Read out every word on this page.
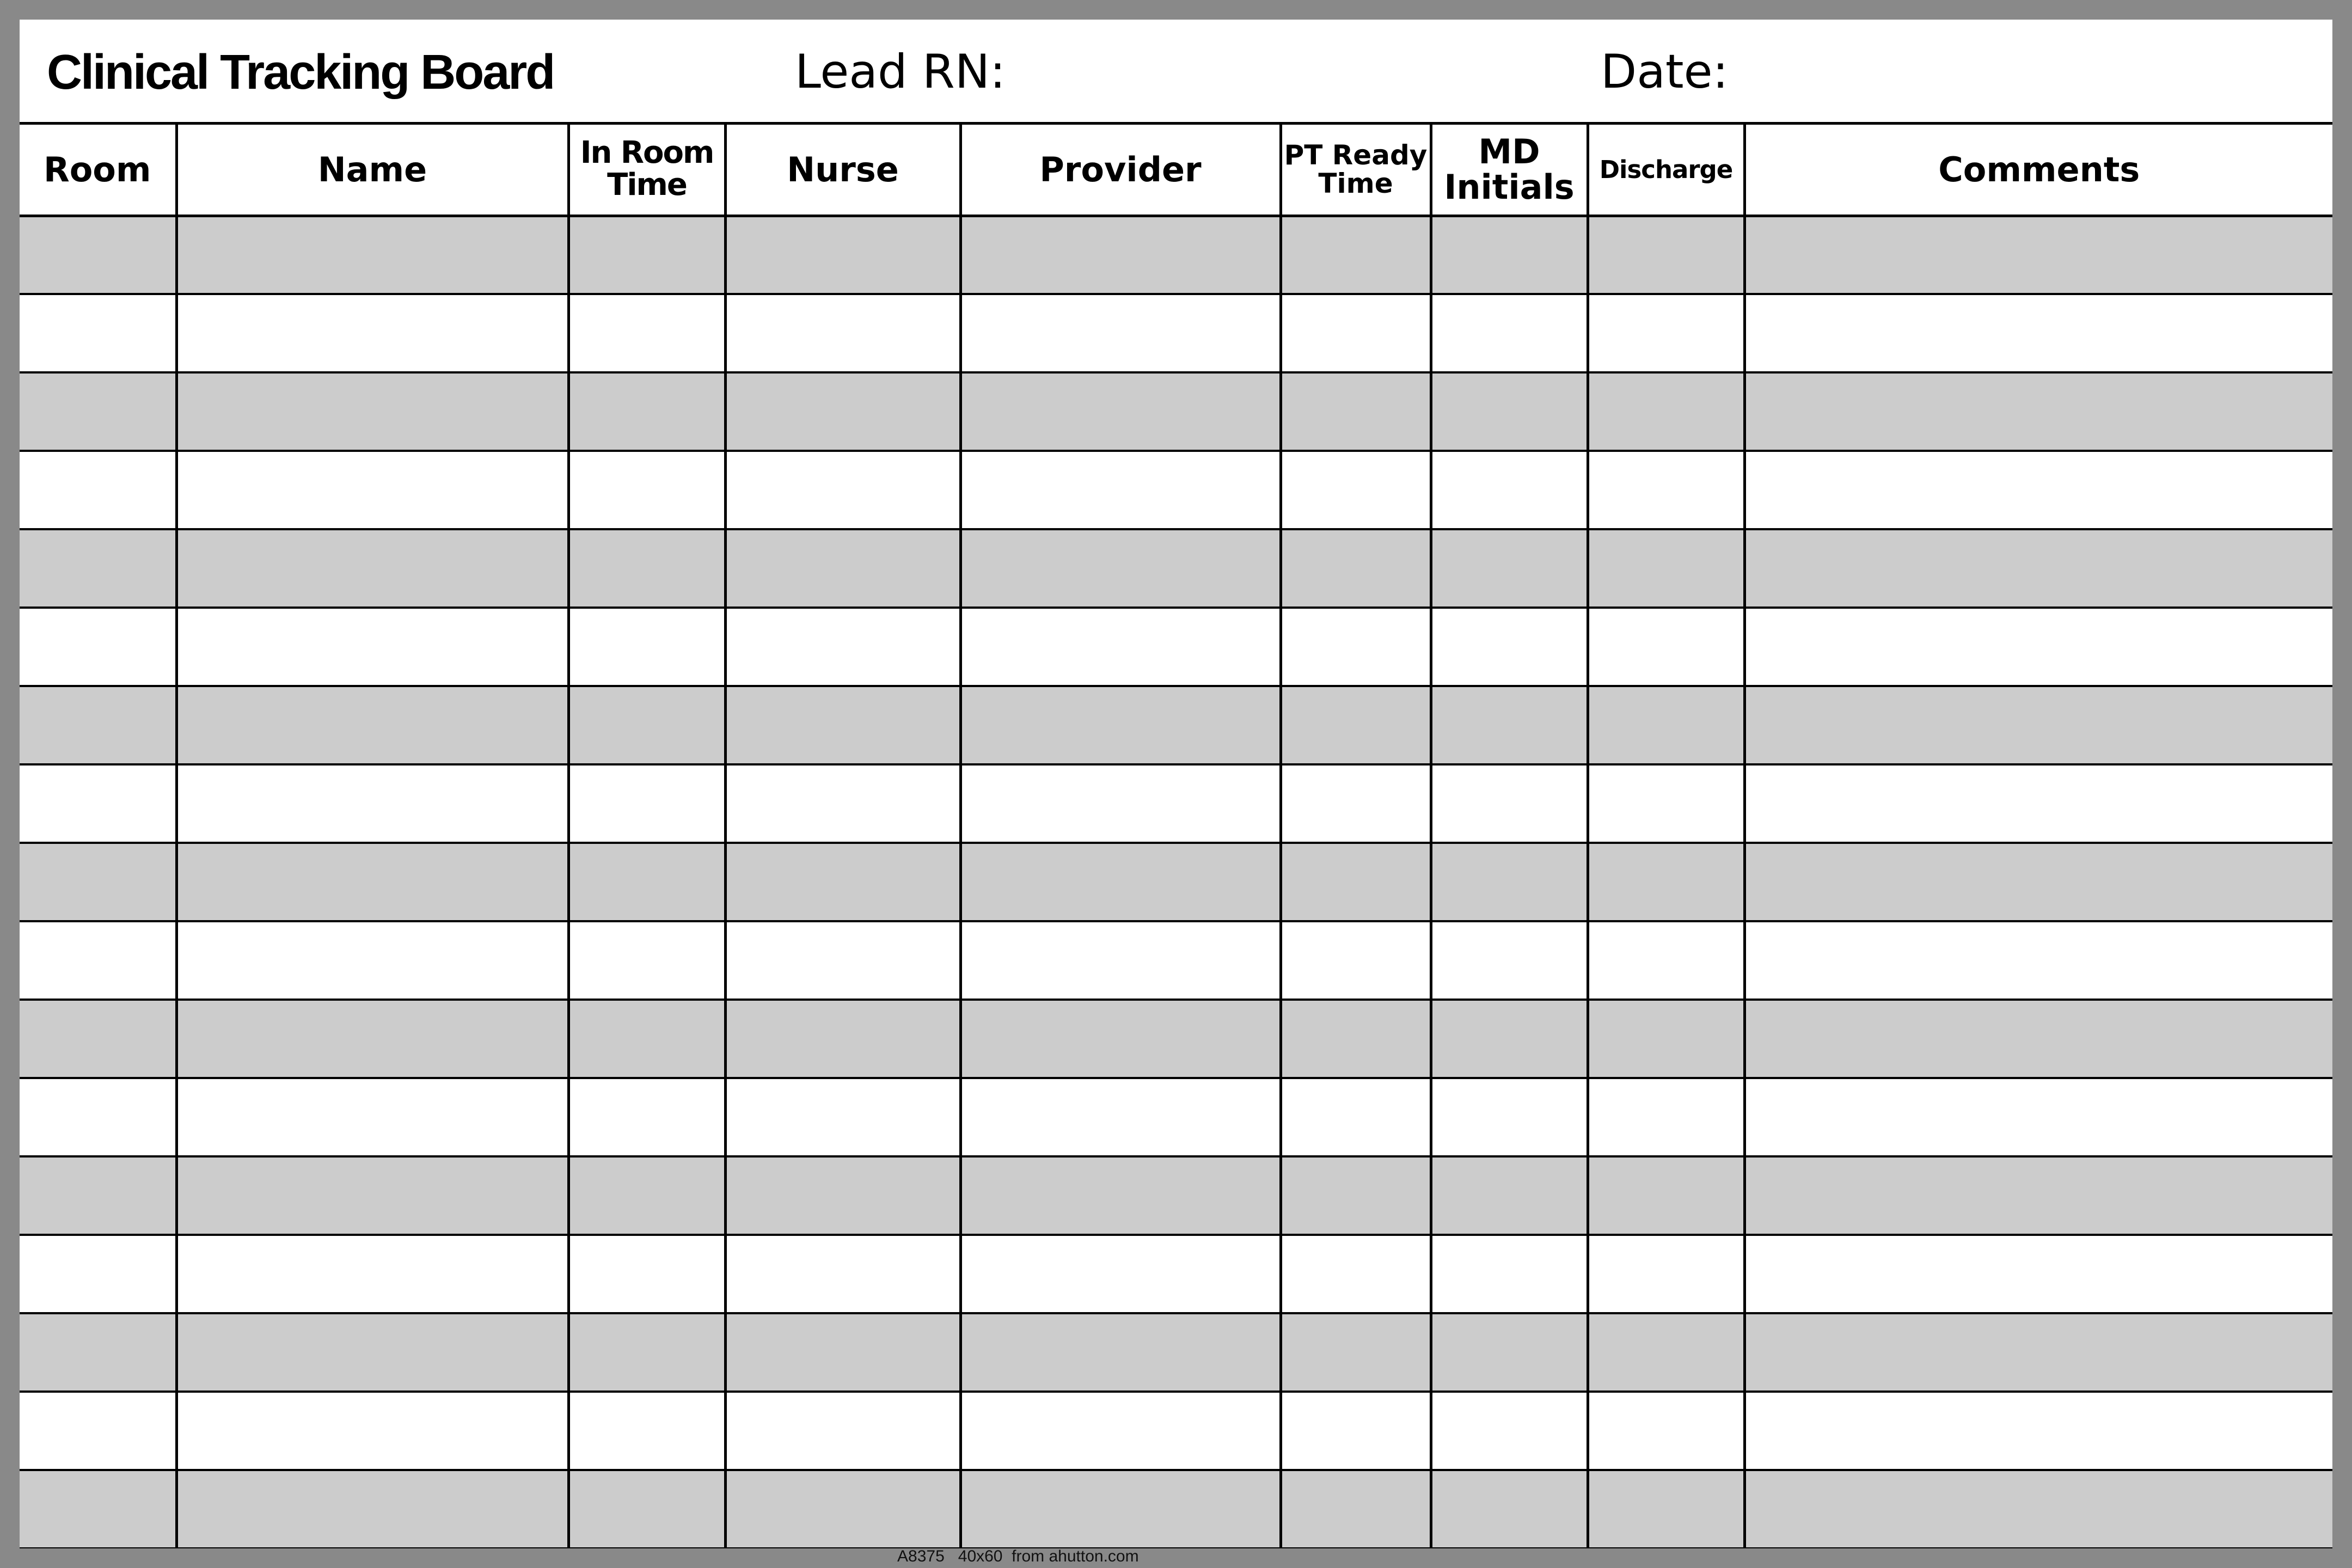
Clinical Tracking Board	Lead RN:	Date:
Room	Name	In Room Time	Nurse	Provider	PT Ready Time	MD Initials	Discharge	Comments

A8375   40x60  from ahutton.com
